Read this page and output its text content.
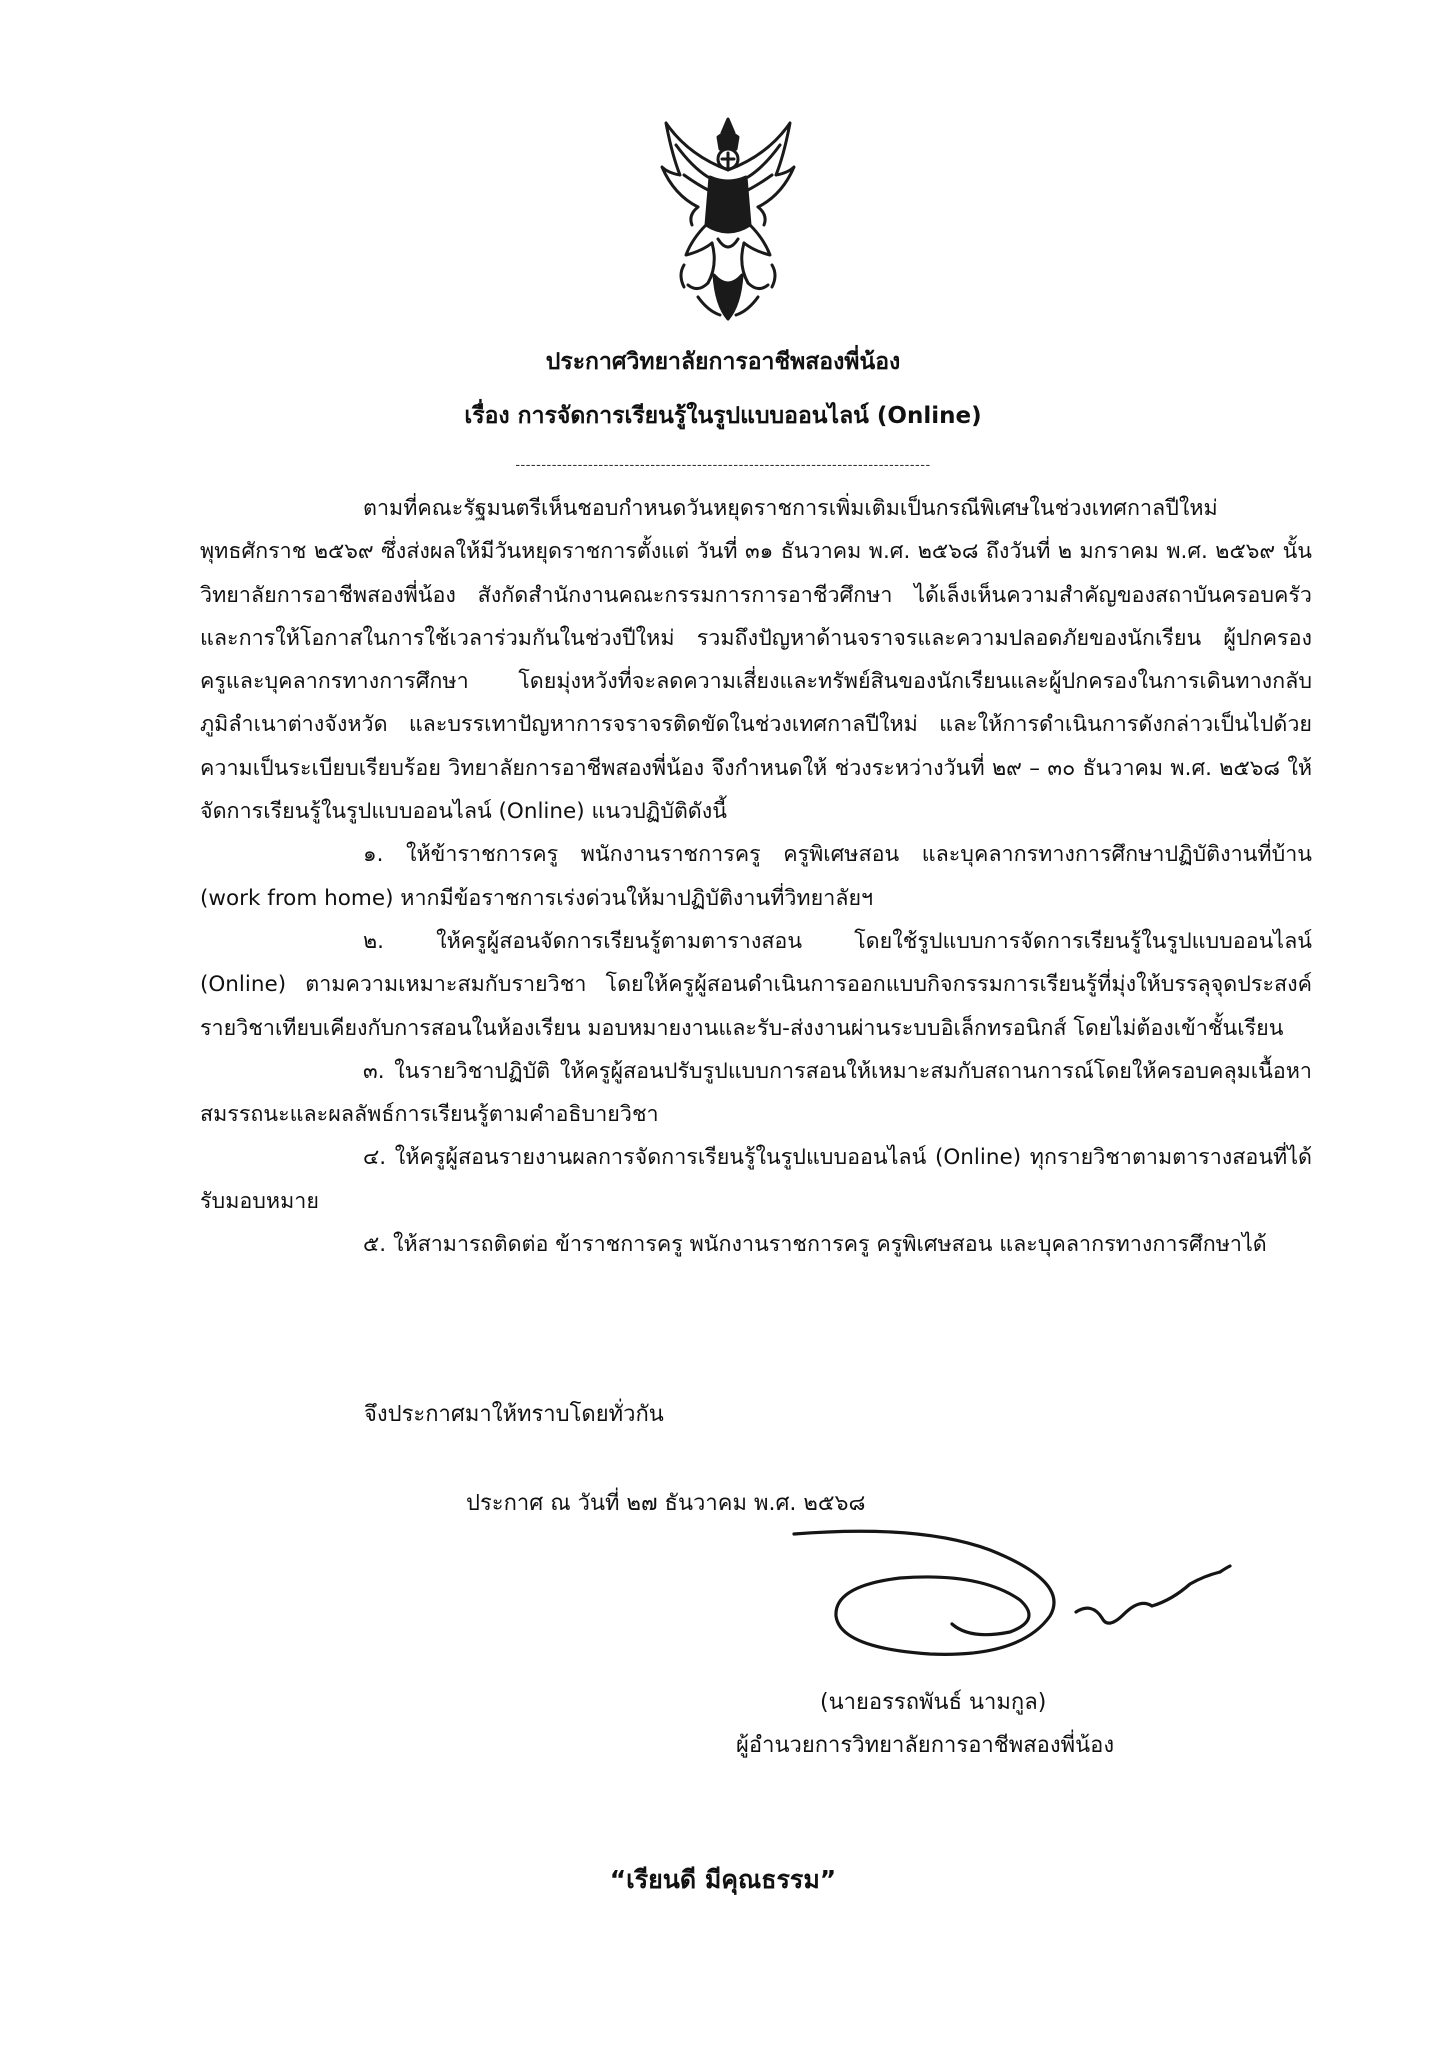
ประกาศวิทยาลัยการอาชีพสองพี่น้อง
เรื่อง การจัดการเรียนรู้ในรูปแบบออนไลน์ (Online)
--------------------------------------------------------------------------------

ตามที่คณะรัฐมนตรีเห็นชอบกำหนดวันหยุดราชการเพิ่มเติมเป็นกรณีพิเศษในช่วงเทศกาลปีใหม่ พุทธศักราช ๒๕๖๙ ซึ่งส่งผลให้มีวันหยุดราชการตั้งแต่ วันที่ ๓๑ ธันวาคม พ.ศ. ๒๕๖๘ ถึงวันที่ ๒ มกราคม พ.ศ. ๒๕๖๙ นั้น วิทยาลัยการอาชีพสองพี่น้อง สังกัดสำนักงานคณะกรรมการการอาชีวศึกษา ได้เล็งเห็นความสำคัญของสถาบันครอบครัวและการให้โอกาสในการใช้เวลาร่วมกันในช่วงปีใหม่ รวมถึงปัญหาด้านจราจรและความปลอดภัยของนักเรียน ผู้ปกครอง ครูและบุคลากรทางการศึกษา โดยมุ่งหวังที่จะลดความเสี่ยงและทรัพย์สินของนักเรียนและผู้ปกครองในการเดินทางกลับภูมิลำเนาต่างจังหวัด และบรรเทาปัญหาการจราจรติดขัดในช่วงเทศกาลปีใหม่ และให้การดำเนินการดังกล่าวเป็นไปด้วยความเป็นระเบียบเรียบร้อย วิทยาลัยการอาชีพสองพี่น้อง จึงกำหนดให้ ช่วงระหว่างวันที่ ๒๙ – ๓๐ ธันวาคม พ.ศ. ๒๕๖๘ ให้จัดการเรียนรู้ในรูปแบบออนไลน์ (Online) แนวปฏิบัติดังนี้

๑. ให้ข้าราชการครู พนักงานราชการครู ครูพิเศษสอน และบุคลากรทางการศึกษาปฏิบัติงานที่บ้าน (work from home) หากมีข้อราชการเร่งด่วนให้มาปฏิบัติงานที่วิทยาลัยฯ

๒. ให้ครูผู้สอนจัดการเรียนรู้ตามตารางสอน โดยใช้รูปแบบการจัดการเรียนรู้ในรูปแบบออนไลน์ (Online) ตามความเหมาะสมกับรายวิชา โดยให้ครูผู้สอนดำเนินการออกแบบกิจกรรมการเรียนรู้ที่มุ่งให้บรรลุจุดประสงค์รายวิชาเทียบเคียงกับการสอนในห้องเรียน มอบหมายงานและรับ-ส่งงานผ่านระบบอิเล็กทรอนิกส์ โดยไม่ต้องเข้าชั้นเรียน

๓. ในรายวิชาปฏิบัติ ให้ครูผู้สอนปรับรูปแบบการสอนให้เหมาะสมกับสถานการณ์โดยให้ครอบคลุมเนื้อหาสมรรถนะและผลลัพธ์การเรียนรู้ตามคำอธิบายวิชา

๔. ให้ครูผู้สอนรายงานผลการจัดการเรียนรู้ในรูปแบบออนไลน์ (Online) ทุกรายวิชาตามตารางสอนที่ได้รับมอบหมาย

๕. ให้สามารถติดต่อ ข้าราชการครู พนักงานราชการครู ครูพิเศษสอน และบุคลากรทางการศึกษาได้

จึงประกาศมาให้ทราบโดยทั่วกัน
ประกาศ ณ วันที่ ๒๗ ธันวาคม พ.ศ. ๒๕๖๘
(นายอรรถพันธ์ นามกูล)
ผู้อำนวยการวิทยาลัยการอาชีพสองพี่น้อง
“เรียนดี มีคุณธรรม”
